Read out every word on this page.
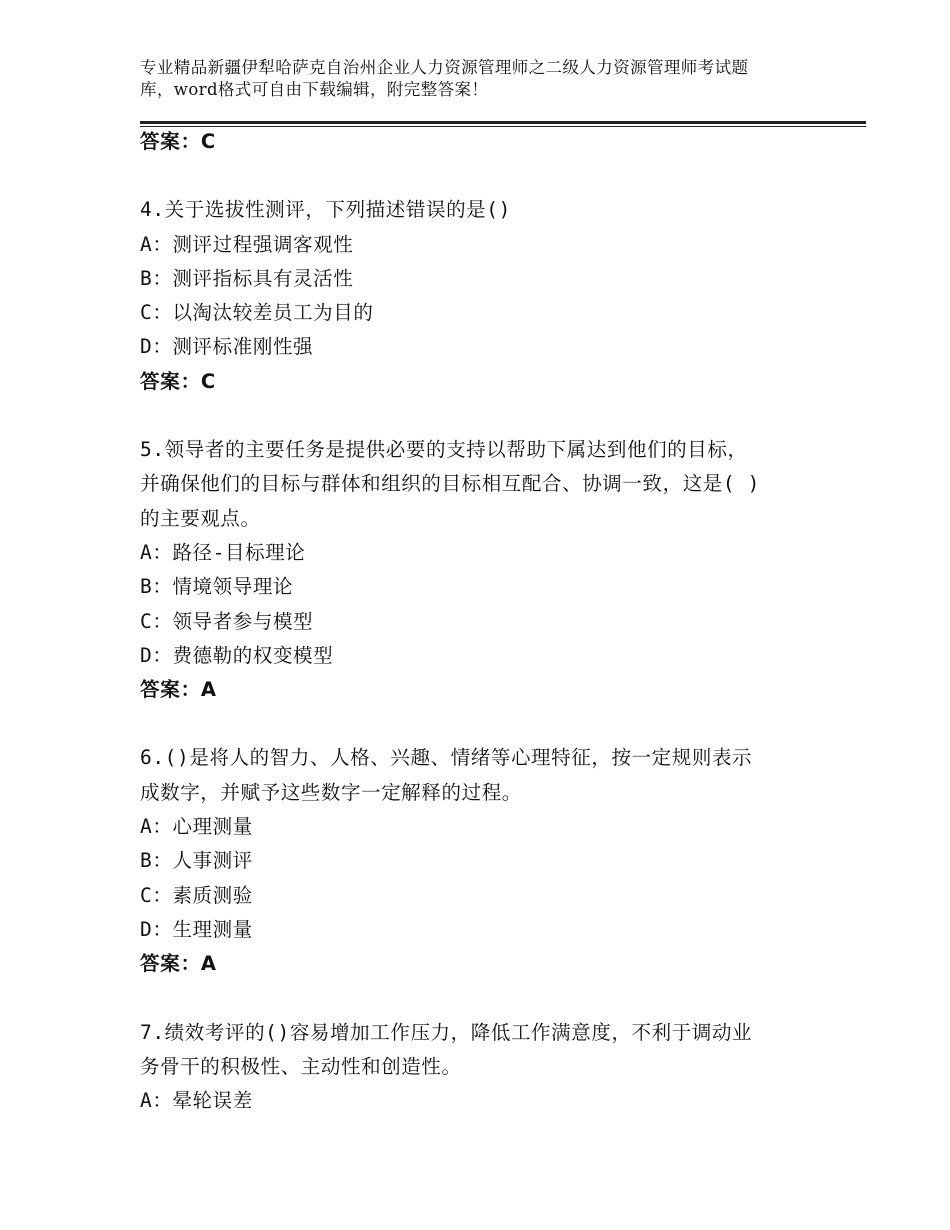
专业精品新疆伊犁哈萨克自治州企业人力资源管理师之二级人力资源管理师考试题
库，word格式可自由下载编辑，附完整答案！
答案：C
4.关于选拔性测评，下列描述错误的是()
A：测评过程强调客观性
B：测评指标具有灵活性
C：以淘汰较差员工为目的
D：测评标准刚性强
答案：C
5.领导者的主要任务是提供必要的支持以帮助下属达到他们的目标，
并确保他们的目标与群体和组织的目标相互配合、协调一致，这是( )
的主要观点。
A：路径-目标理论
B：情境领导理论
C：领导者参与模型
D：费德勒的权变模型
答案：A
6.()是将人的智力、人格、兴趣、情绪等心理特征，按一定规则表示
成数字，并赋予这些数字一定解释的过程。
A：心理测量
B：人事测评
C：素质测验
D：生理测量
答案：A
7.绩效考评的()容易增加工作压力，降低工作满意度，不利于调动业
务骨干的积极性、主动性和创造性。
A：晕轮误差
